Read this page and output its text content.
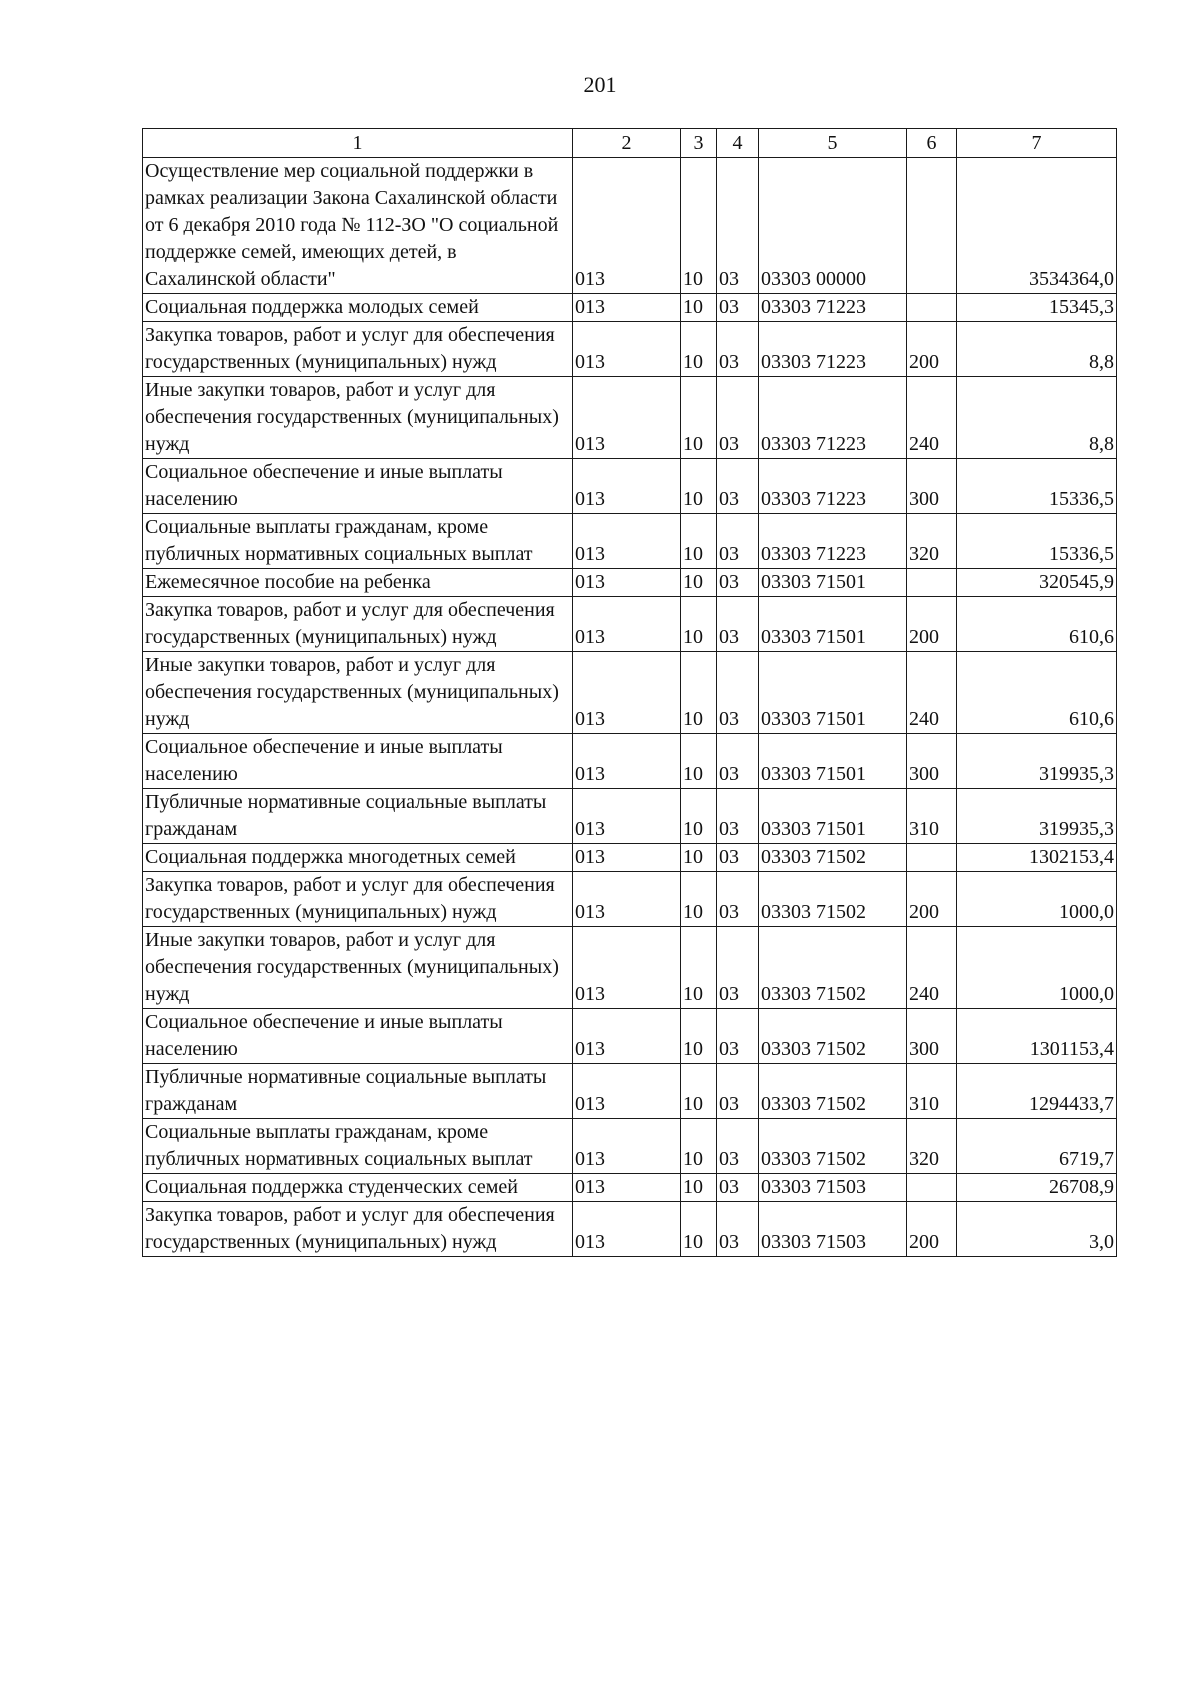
201
1	2	3	4	5	6	7
Осуществление мер социальной поддержки в рамках реализации Закона Сахалинской области от 6 декабря 2010 года № 112-ЗО "О социальной поддержке семей, имеющих детей, в Сахалинской области"	013	10	03	03303 00000		3534364,0
Социальная поддержка молодых семей	013	10	03	03303 71223		15345,3
Закупка товаров, работ и услуг для обеспечения государственных (муниципальных) нужд	013	10	03	03303 71223	200	8,8
Иные закупки товаров, работ и услуг для обеспечения государственных (муниципальных) нужд	013	10	03	03303 71223	240	8,8
Социальное обеспечение и иные выплаты населению	013	10	03	03303 71223	300	15336,5
Социальные выплаты гражданам, кроме публичных нормативных социальных выплат	013	10	03	03303 71223	320	15336,5
Ежемесячное пособие на ребенка	013	10	03	03303 71501		320545,9
Закупка товаров, работ и услуг для обеспечения государственных (муниципальных) нужд	013	10	03	03303 71501	200	610,6
Иные закупки товаров, работ и услуг для обеспечения государственных (муниципальных) нужд	013	10	03	03303 71501	240	610,6
Социальное обеспечение и иные выплаты населению	013	10	03	03303 71501	300	319935,3
Публичные нормативные социальные выплаты гражданам	013	10	03	03303 71501	310	319935,3
Социальная поддержка многодетных семей	013	10	03	03303 71502		1302153,4
Закупка товаров, работ и услуг для обеспечения государственных (муниципальных) нужд	013	10	03	03303 71502	200	1000,0
Иные закупки товаров, работ и услуг для обеспечения государственных (муниципальных) нужд	013	10	03	03303 71502	240	1000,0
Социальное обеспечение и иные выплаты населению	013	10	03	03303 71502	300	1301153,4
Публичные нормативные социальные выплаты гражданам	013	10	03	03303 71502	310	1294433,7
Социальные выплаты гражданам, кроме публичных нормативных социальных выплат	013	10	03	03303 71502	320	6719,7
Социальная поддержка студенческих семей	013	10	03	03303 71503		26708,9
Закупка товаров, работ и услуг для обеспечения государственных (муниципальных) нужд	013	10	03	03303 71503	200	3,0
